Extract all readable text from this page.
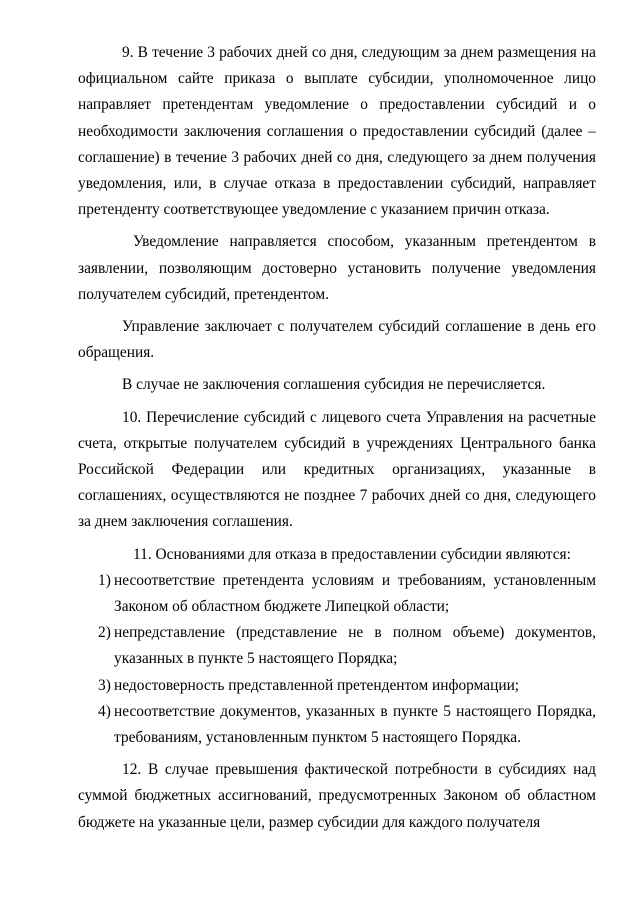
9. В течение 3 рабочих дней со дня, следующим за днем размещения на официальном сайте приказа о выплате субсидии, уполномоченное лицо направляет претендентам уведомление о предоставлении субсидий и о необходимости заключения соглашения о предоставлении субсидий (далее – соглашение) в течение 3 рабочих дней со дня, следующего за днем получения уведомления, или, в случае отказа в предоставлении субсидий, направляет претенденту соответствующее уведомление с указанием причин отказа.

Уведомление направляется способом, указанным претендентом в заявлении, позволяющим достоверно установить получение уведомления получателем субсидий, претендентом.

Управление заключает с получателем субсидий соглашение в день его обращения.

В случае не заключения соглашения субсидия не перечисляется.

10. Перечисление субсидий с лицевого счета Управления на расчетные счета, открытые получателем субсидий в учреждениях Центрального банка Российской Федерации или кредитных организациях, указанные в соглашениях, осуществляются не позднее 7 рабочих дней со дня, следующего за днем заключения соглашения.

11. Основаниями для отказа в предоставлении субсидии являются:

1) несоответствие претендента условиям и требованиям, установленным Законом об областном бюджете Липецкой области;
2) непредставление (представление не в полном объеме) документов, указанных в пункте 5 настоящего Порядка;
3) недостоверность представленной претендентом информации;
4) несоответствие документов, указанных в пункте 5 настоящего Порядка, требованиям, установленным пунктом 5 настоящего Порядка.

12. В случае превышения фактической потребности в субсидиях над суммой бюджетных ассигнований, предусмотренных Законом об областном бюджете на указанные цели, размер субсидии для каждого получателя
